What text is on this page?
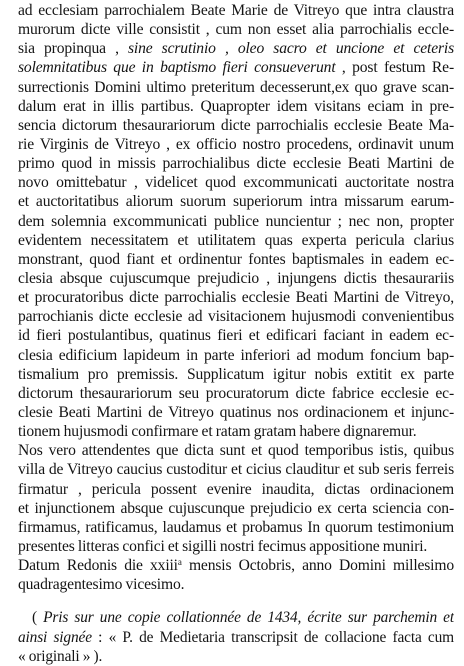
ad ecclesiam parrochialem Beate Marie de Vitreyo que intra claustra
murorum dicte ville consistit , cum non esset alia parrochialis eccle-
sia propinqua , sine scrutinio , oleo sacro et uncione et ceteris
solemnitatibus que in baptismo fieri consueverunt , post festum Re-
surrectionis Domini ultimo preteritum decesserunt,ex quo grave scan-
dalum erat in illis partibus. Quapropter idem visitans eciam in pre-
sencia dictorum thesaurariorum dicte parrochialis ecclesie Beate Ma-
rie Virginis de Vitreyo , ex officio nostro procedens, ordinavit unum
primo quod in missis parrochialibus dicte ecclesie Beati Martini de
novo omittebatur , videlicet quod excommunicati auctoritate nostra
et auctoritatibus aliorum suorum superiorum intra missarum earum-
dem solemnia excommunicati publice nuncientur ; nec non, propter
evidentem necessitatem et utilitatem quas experta pericula clarius
monstrant, quod fiant et ordinentur fontes baptismales in eadem ec-
clesia absque cujuscumque prejudicio , injungens dictis thesaurariis
et procuratoribus dicte parrochialis ecclesie Beati Martini de Vitreyo,
parrochianis dicte ecclesie ad visitacionem hujusmodi convenientibus
id fieri postulantibus, quatinus fieri et edificari faciant in eadem ec-
clesia edificium lapideum in parte inferiori ad modum foncium bap-
tismalium pro premissis. Supplicatum igitur nobis extitit ex parte
dictorum thesaurariorum seu procuratorum dicte fabrice ecclesie ec-
clesie Beati Martini de Vitreyo quatinus nos ordinacionem et injunc-
tionem hujusmodi confirmare et ratam gratam habere dignaremur.
Nos vero attendentes que dicta sunt et quod temporibus istis, quibus
villa de Vitreyo caucius custoditur et cicius clauditur et sub seris ferreis
firmatur , pericula possent evenire inaudita, dictas ordinacionem
et injunctionem absque cujuscunque prejudicio ex certa sciencia con-
firmamus, ratificamus, laudamus et probamus In quorum testimonium
presentes litteras confici et sigilli nostri fecimus appositione muniri.
Datum Redonis die xxiii$^a$ mensis Octobris, anno Domini millesimo
quadragentesimo vicesimo.
( Pris sur une copie collationnée de 1434, écrite sur parchemin et
ainsi signée : « P. de Medietaria transcripsit de collacione facta cum
« originali » ).
